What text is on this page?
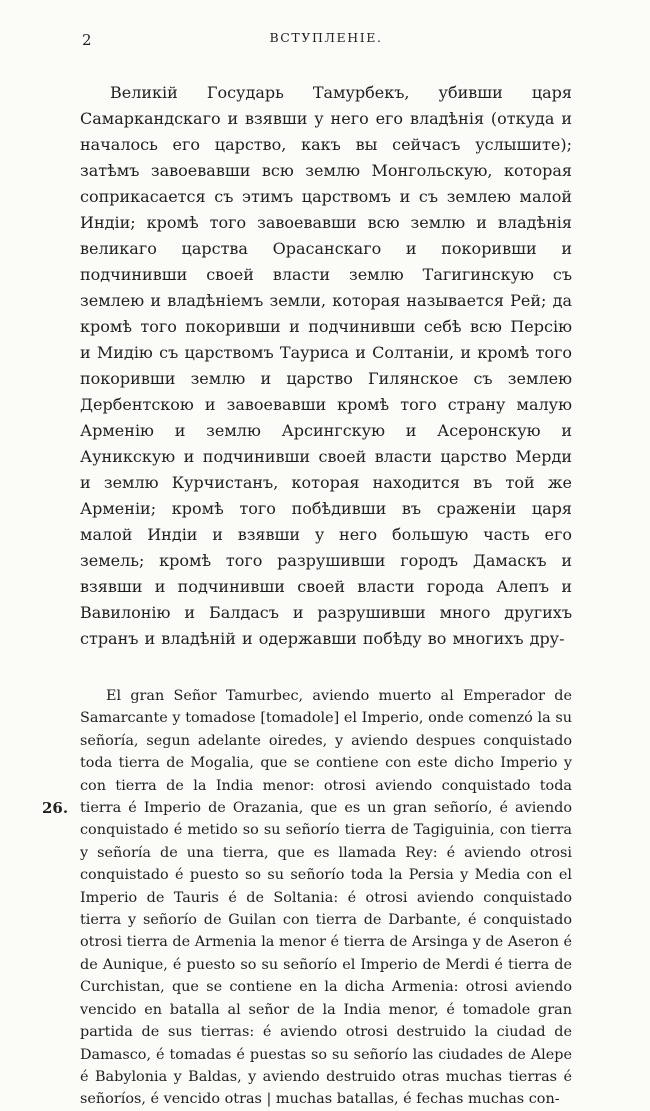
2	ВСТУПЛЕНІЕ.

Великій Государь Тамурбекъ, убивши царя Самаркандскаго и взявши у него его владѣнія (откуда и началось его царство, какъ вы сейчасъ услышите); затѣмъ завоевавши всю землю Монгольскую, которая соприкасается съ этимъ царствомъ и съ землею малой Индіи; кромѣ того завоевавши всю землю и владѣнія великаго царства Орасанскаго и покоривши и подчинивши своей власти землю Тагигинскую съ землею и владѣніемъ земли, которая называется Рей; да кромѣ того покоривши и подчинивши себѣ всю Персію и Мидію съ царствомъ Тауриса и Солтаніи, и кромѣ того покоривши землю и царство Гилянское съ землею Дербентскою и завоевавши кромѣ того страну малую Арменію и землю Арсингскую и Асеронскую и Ауникскую и подчинивши своей власти царство Мерди и землю Курчистанъ, которая находится въ той же Арменіи; кромѣ того побѣдивши въ сраженіи царя малой Индіи и взявши у него большую часть его земель; кромѣ того разрушивши городъ Дамаскъ и взявши и подчинивши своей власти города Алепъ и Вавилонію и Балдасъ и разрушивши много другихъ странъ и владѣній и одержавши побѣду во многихъ дру-

El gran Señor Tamurbec, aviendo muerto al Emperador de Samarcante y tomadose [tomadole] el Imperio, onde comenzó la su señoría, segun adelante oiredes, y aviendo despues conquistado toda tierra de Mogalia, que se contiene con este dicho Imperio y con tierra de la India menor: otrosi aviendo conquistado toda tierra é Imperio de Orazania, que es un gran señorío, é aviendo conquistado é metido so su señorío tierra de Tagiguinia, con tierra y señoría de una tierra, que es llamada Rey: é aviendo otrosi conquistado é puesto so su señorío toda la Persia y Media con el Imperio de Tauris é de Soltania: é otrosi aviendo conquistado tierra y señorío de Guilan con tierra de Darbante, é conquistado otrosi tierra de Armenia la menor é tierra de Arsinga y de Aseron é de Aunique, é puesto so su señorío el Imperio de Merdi é tierra de Curchistan, que se contiene en la dicha Armenia: otrosi aviendo vencido en batalla al señor de la India menor, é tomadole gran partida de sus tierras: é aviendo otrosi destruido la ciudad de Damasco, é tomadas é puestas so su señorío las ciudades de Alepe é Babylonia y Baldas, y aviendo destruido otras muchas tierras é señoríos, é vencido otras | muchas batallas, é fechas muchas con-

26.
